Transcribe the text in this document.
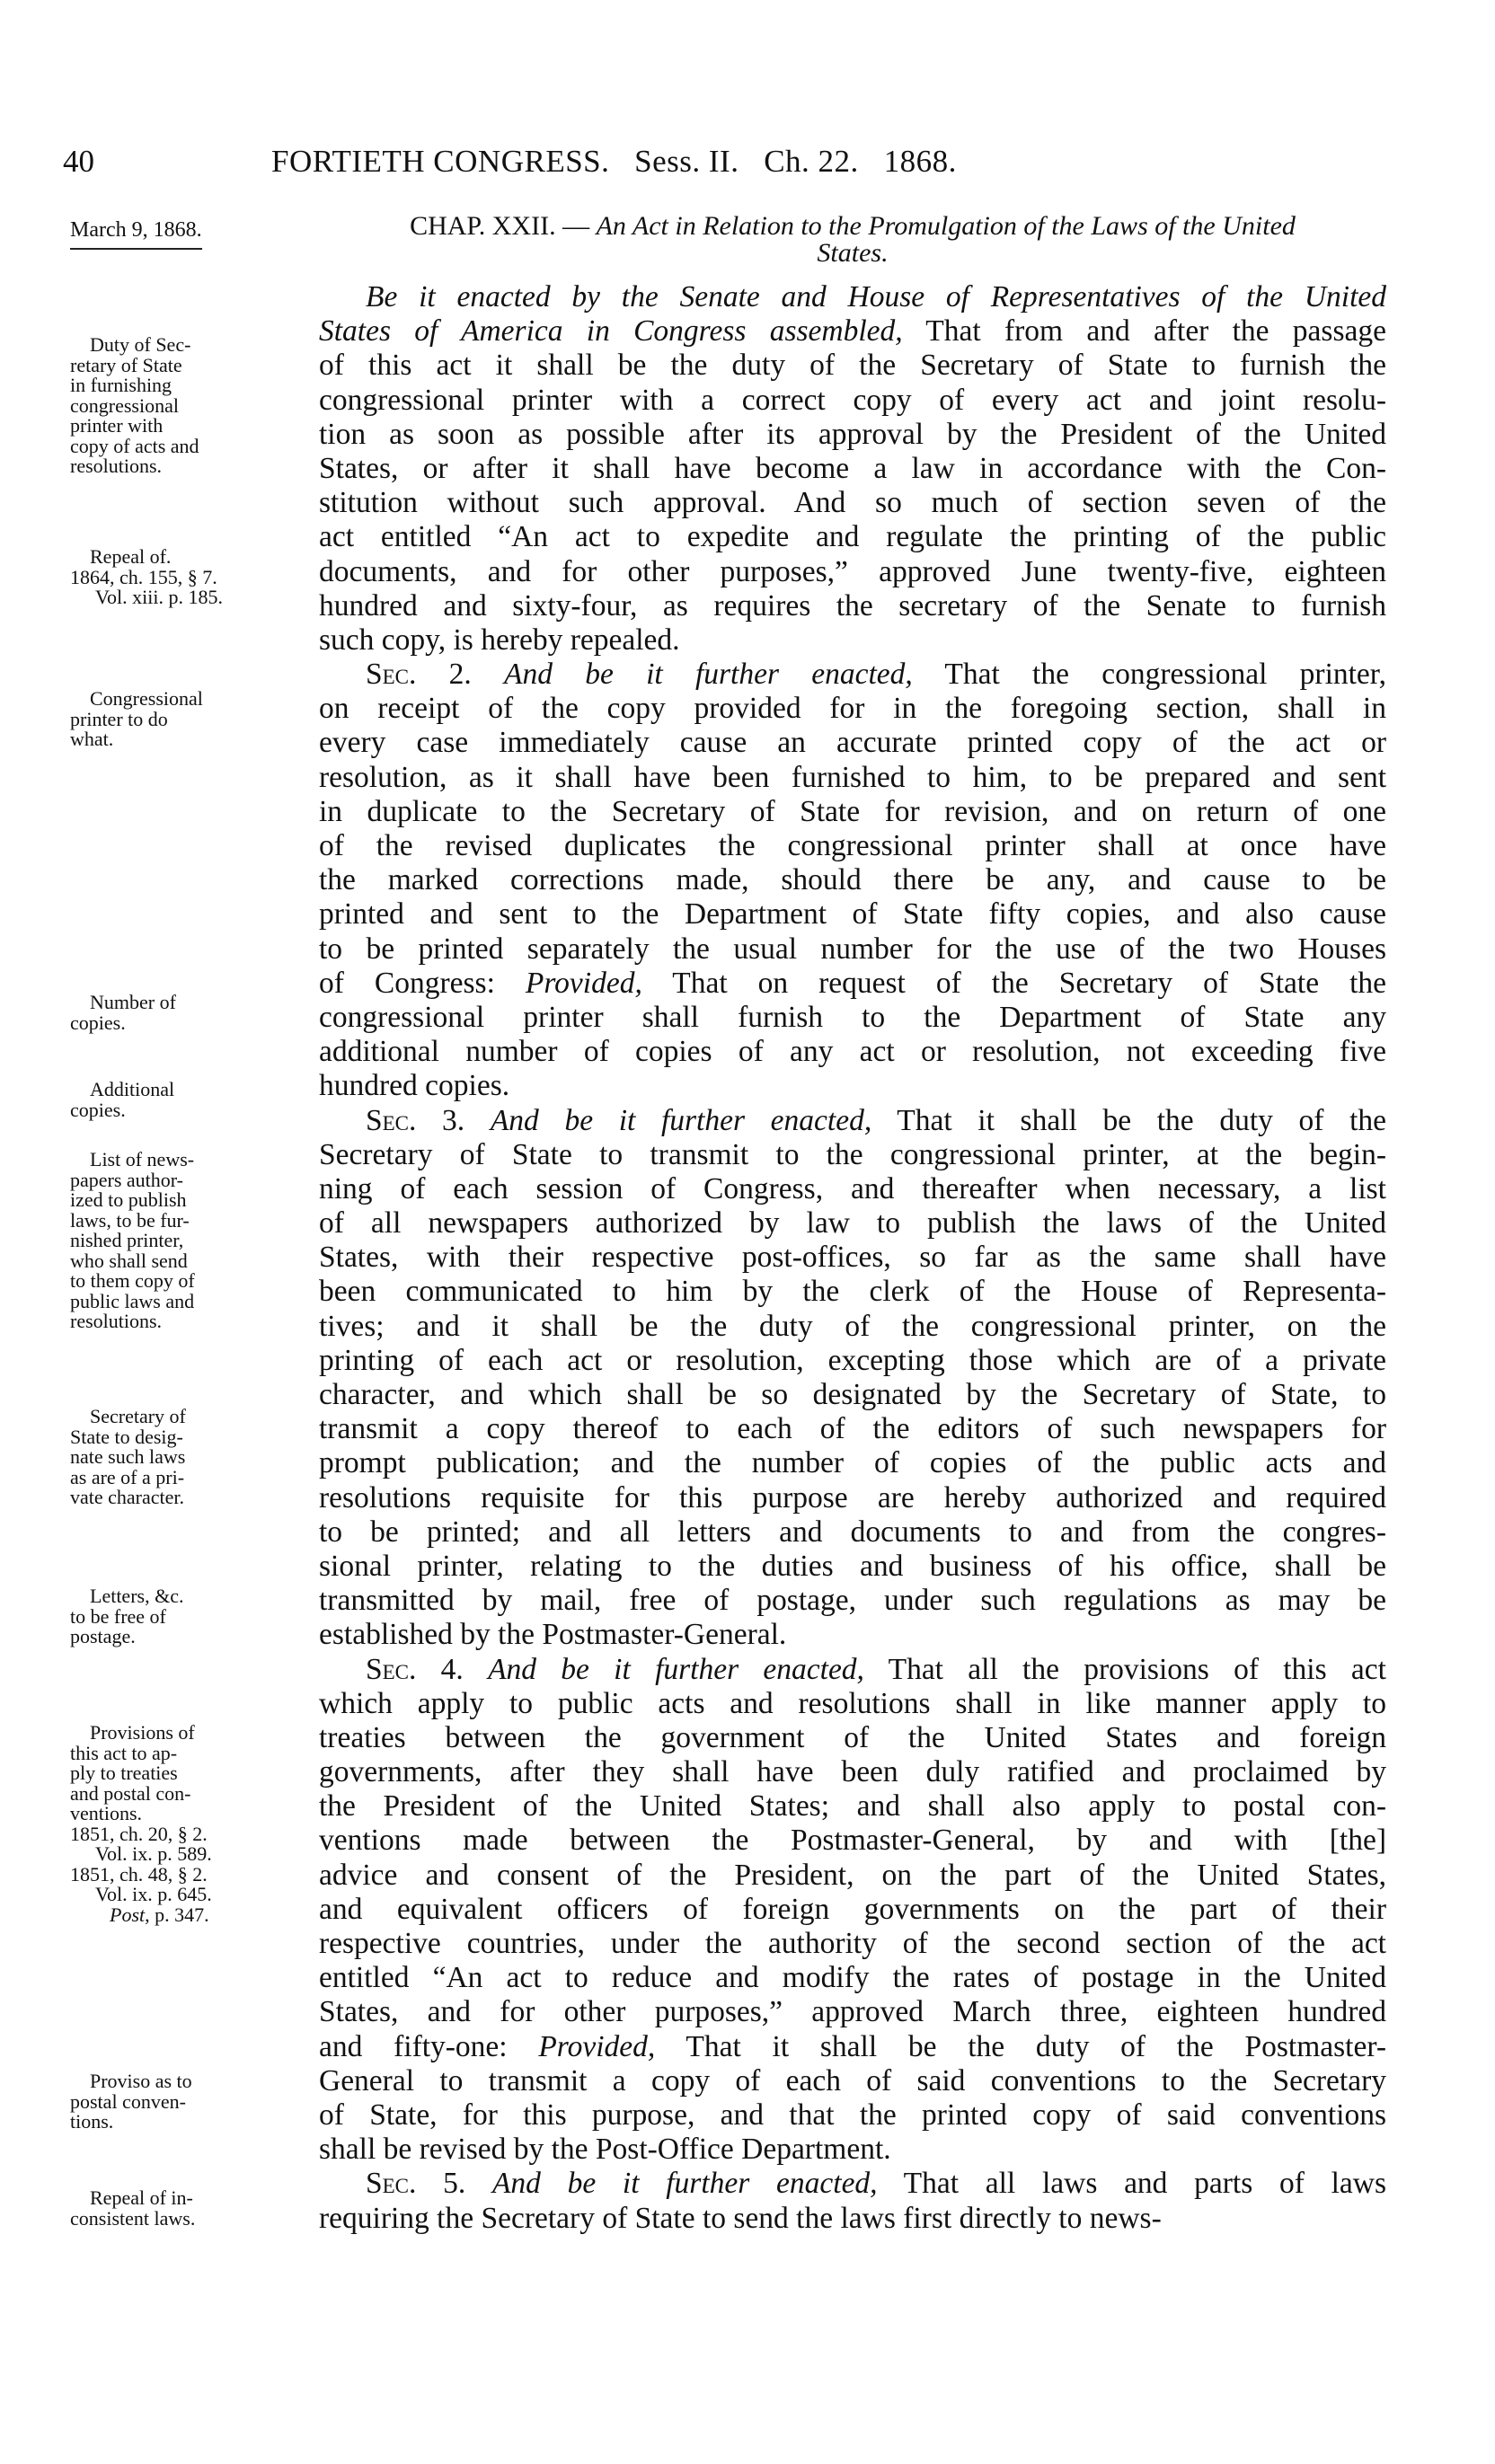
40	FORTIETH CONGRESS. Sess. II. Ch. 22. 1868.
March 9, 1868.	CHAP. XXII. — An Act in Relation to the Promulgation of the Laws of the United
States.
Be it enacted by the Senate and House of Representatives of the United
States of America in Congress assembled, That from and after the passage
of this act it shall be the duty of the Secretary of State to furnish the
congressional printer with a correct copy of every act and joint resolu-
tion as soon as possible after its approval by the President of the United
States, or after it shall have become a law in accordance with the Con-
stitution without such approval. And so much of section seven of the
act entitled “An act to expedite and regulate the printing of the public
documents, and for other purposes,” approved June twenty-five, eighteen
hundred and sixty-four, as requires the secretary of the Senate to furnish
such copy, is hereby repealed.
Sec. 2. And be it further enacted, That the congressional printer,
on receipt of the copy provided for in the foregoing section, shall in
every case immediately cause an accurate printed copy of the act or
resolution, as it shall have been furnished to him, to be prepared and sent
in duplicate to the Secretary of State for revision, and on return of one
of the revised duplicates the congressional printer shall at once have
the marked corrections made, should there be any, and cause to be
printed and sent to the Department of State fifty copies, and also cause
to be printed separately the usual number for the use of the two Houses
of Congress: Provided, That on request of the Secretary of State the
congressional printer shall furnish to the Department of State any
additional number of copies of any act or resolution, not exceeding five
hundred copies.
Sec. 3. And be it further enacted, That it shall be the duty of the
Secretary of State to transmit to the congressional printer, at the begin-
ning of each session of Congress, and thereafter when necessary, a list
of all newspapers authorized by law to publish the laws of the United
States, with their respective post-offices, so far as the same shall have
been communicated to him by the clerk of the House of Representa-
tives; and it shall be the duty of the congressional printer, on the
printing of each act or resolution, excepting those which are of a private
character, and which shall be so designated by the Secretary of State, to
transmit a copy thereof to each of the editors of such newspapers for
prompt publication; and the number of copies of the public acts and
resolutions requisite for this purpose are hereby authorized and required
to be printed; and all letters and documents to and from the congres-
sional printer, relating to the duties and business of his office, shall be
transmitted by mail, free of postage, under such regulations as may be
established by the Postmaster-General.
Sec. 4. And be it further enacted, That all the provisions of this act
which apply to public acts and resolutions shall in like manner apply to
treaties between the government of the United States and foreign
governments, after they shall have been duly ratified and proclaimed by
the President of the United States; and shall also apply to postal con-
ventions made between the Postmaster-General, by and with [the]
advice and consent of the President, on the part of the United States,
and equivalent officers of foreign governments on the part of their
respective countries, under the authority of the second section of the act
entitled “An act to reduce and modify the rates of postage in the United
States, and for other purposes,” approved March three, eighteen hundred
and fifty-one: Provided, That it shall be the duty of the Postmaster-
General to transmit a copy of each of said conventions to the Secretary
of State, for this purpose, and that the printed copy of said conventions
shall be revised by the Post-Office Department.
Sec. 5. And be it further enacted, That all laws and parts of laws
requiring the Secretary of State to send the laws first directly to news-
Duty of Sec-
retary of State
in furnishing
congressional
printer with
copy of acts and
resolutions.
Repeal of.
1864, ch. 155, § 7.
Vol. xiii. p. 185.
Congressional
printer to do
what.
Number of
copies.
Additional
copies.
List of news-
papers author-
ized to publish
laws, to be fur-
nished printer,
who shall send
to them copy of
public laws and
resolutions.
Secretary of
State to desig-
nate such laws
as are of a pri-
vate character.
Letters, &c.
to be free of
postage.
Provisions of
this act to ap-
ply to treaties
and postal con-
ventions.
1851, ch. 20, § 2.
Vol. ix. p. 589.
1851, ch. 48, § 2.
Vol. ix. p. 645.
Post, p. 347.
Proviso as to
postal conven-
tions.
Repeal of in-
consistent laws.
